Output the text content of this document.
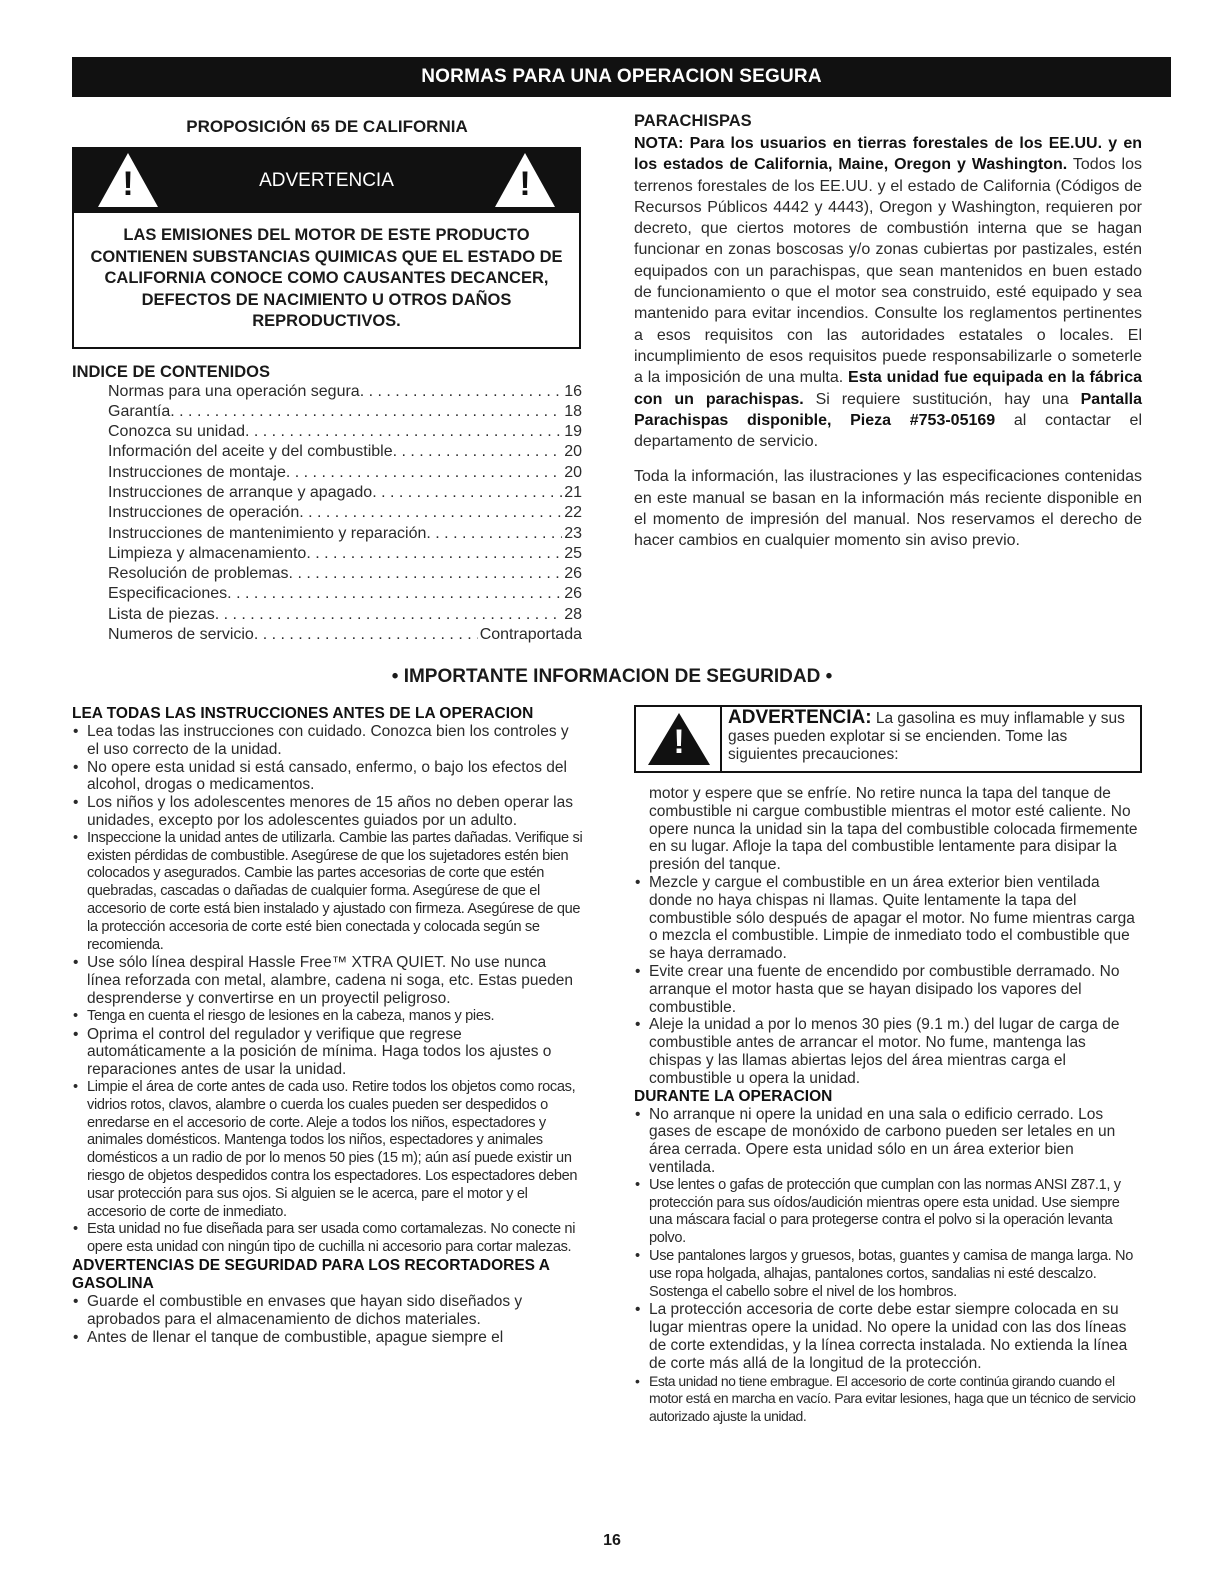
NORMAS PARA UNA OPERACION SEGURA
PROPOSICIÓN 65 DE CALIFORNIA
!	ADVERTENCIA	!
LAS EMISIONES DEL MOTOR DE ESTE PRODUCTO CONTIENEN SUBSTANCIAS QUIMICAS QUE EL ESTADO DE CALIFORNIA CONOCE COMO CAUSANTES DECANCER, DEFECTOS DE NACIMIENTO U OTROS DAÑOS REPRODUCTIVOS.
INDICE DE CONTENIDOS
Normas para una operación segura . . .	16
Garantía . . .	18
Conozca su unidad . . .	19
Información del aceite y del combustible . . .	20
Instrucciones de montaje . . .	20
Instrucciones de arranque y apagado . . .	21
Instrucciones de operación . . .	22
Instrucciones de mantenimiento y reparación . . .	23
Limpieza y almacenamiento . . .	25
Resolución de problemas . . .	26
Especificaciones . . .	26
Lista de piezas . . .	28
Numeros de servicio . . .	Contraportada
PARACHISPAS

NOTA: Para los usuarios en tierras forestales de los EE.UU. y en los estados de California, Maine, Oregon y Washington. Todos los terrenos forestales de los EE.UU. y el estado de California (Códigos de Recursos Públicos 4442 y 4443), Oregon y Washington, requieren por decreto, que ciertos motores de combustión interna que se hagan funcionar en zonas boscosas y/o zonas cubiertas por pastizales, estén equipados con un parachispas, que sean mantenidos en buen estado de funcionamiento o que el motor sea construido, esté equipado y sea mantenido para evitar incendios. Consulte los reglamentos pertinentes a esos requisitos con las autoridades estatales o locales. El incumplimiento de esos requisitos puede responsabilizarle o someterle a la imposición de una multa. Esta unidad fue equipada en la fábrica con un parachispas. Si requiere sustitución, hay una Pantalla Parachispas disponible, Pieza #753-05169 al contactar el departamento de servicio.

Toda la información, las ilustraciones y las especificaciones contenidas en este manual se basan en la información más reciente disponible en el momento de impresión del manual. Nos reservamos el derecho de hacer cambios en cualquier momento sin aviso previo.

• IMPORTANTE INFORMACION DE SEGURIDAD •
LEA TODAS LAS INSTRUCCIONES ANTES DE LA OPERACION
• Lea todas las instrucciones con cuidado. Conozca bien los controles y el uso correcto de la unidad.
• No opere esta unidad si está cansado, enfermo, o bajo los efectos del alcohol, drogas o medicamentos.
• Los niños y los adolescentes menores de 15 años no deben operar las unidades, excepto por los adolescentes guiados por un adulto.
• Inspeccione la unidad antes de utilizarla. Cambie las partes dañadas. Verifique si existen pérdidas de combustible. Asegúrese de que los sujetadores estén bien colocados y asegurados. Cambie las partes accesorias de corte que estén quebradas, cascadas o dañadas de cualquier forma. Asegúrese de que el accesorio de corte está bien instalado y ajustado con firmeza. Asegúrese de que la protección accesoria de corte esté bien conectada y colocada según se recomienda.
• Use sólo línea despiral Hassle Free™ XTRA QUIET. No use nunca línea reforzada con metal, alambre, cadena ni soga, etc. Estas pueden desprenderse y convertirse en un proyectil peligroso.
• Tenga en cuenta el riesgo de lesiones en la cabeza, manos y pies.
• Oprima el control del regulador y verifique que regrese automáticamente a la posición de mínima. Haga todos los ajustes o reparaciones antes de usar la unidad.
• Limpie el área de corte antes de cada uso. Retire todos los objetos como rocas, vidrios rotos, clavos, alambre o cuerda los cuales pueden ser despedidos o enredarse en el accesorio de corte. Aleje a todos los niños, espectadores y animales domésticos. Mantenga todos los niños, espectadores y animales domésticos a un radio de por lo menos 50 pies (15 m); aún así puede existir un riesgo de objetos despedidos contra los espectadores. Los espectadores deben usar protección para sus ojos. Si alguien se le acerca, pare el motor y el accesorio de corte de inmediato.
• Esta unidad no fue diseñada para ser usada como cortamalezas. No conecte ni opere esta unidad con ningún tipo de cuchilla ni accesorio para cortar malezas.
ADVERTENCIAS DE SEGURIDAD PARA LOS RECORTADORES A GASOLINA
• Guarde el combustible en envases que hayan sido diseñados y aprobados para el almacenamiento de dichos materiales.
• Antes de llenar el tanque de combustible, apague siempre el
!
ADVERTENCIA: La gasolina es muy inflamable y sus gases pueden explotar si se encienden. Tome las siguientes precauciones:
motor y espere que se enfríe. No retire nunca la tapa del tanque de combustible ni cargue combustible mientras el motor esté caliente. No opere nunca la unidad sin la tapa del combustible colocada firmemente en su lugar. Afloje la tapa del combustible lentamente para disipar la presión del tanque.
• Mezcle y cargue el combustible en un área exterior bien ventilada donde no haya chispas ni llamas. Quite lentamente la tapa del combustible sólo después de apagar el motor. No fume mientras carga o mezcla el combustible. Limpie de inmediato todo el combustible que se haya derramado.
• Evite crear una fuente de encendido por combustible derramado. No arranque el motor hasta que se hayan disipado los vapores del combustible.
• Aleje la unidad a por lo menos 30 pies (9.1 m.) del lugar de carga de combustible antes de arrancar el motor. No fume, mantenga las chispas y las llamas abiertas lejos del área mientras carga el combustible u opera la unidad.
DURANTE LA OPERACION
• No arranque ni opere la unidad en una sala o edificio cerrado. Los gases de escape de monóxido de carbono pueden ser letales en un área cerrada. Opere esta unidad sólo en un área exterior bien ventilada.
• Use lentes o gafas de protección que cumplan con las normas ANSI Z87.1, y protección para sus oídos/audición mientras opere esta unidad. Use siempre una máscara facial o para protegerse contra el polvo si la operación levanta polvo.
• Use pantalones largos y gruesos, botas, guantes y camisa de manga larga. No use ropa holgada, alhajas, pantalones cortos, sandalias ni esté descalzo. Sostenga el cabello sobre el nivel de los hombros.
• La protección accesoria de corte debe estar siempre colocada en su lugar mientras opere la unidad. No opere la unidad con las dos líneas de corte extendidas, y la línea correcta instalada. No extienda la línea de corte más allá de la longitud de la protección.
• Esta unidad no tiene embrague. El accesorio de corte continúa girando cuando el motor está en marcha en vacío. Para evitar lesiones, haga que un técnico de servicio autorizado ajuste la unidad.
16
